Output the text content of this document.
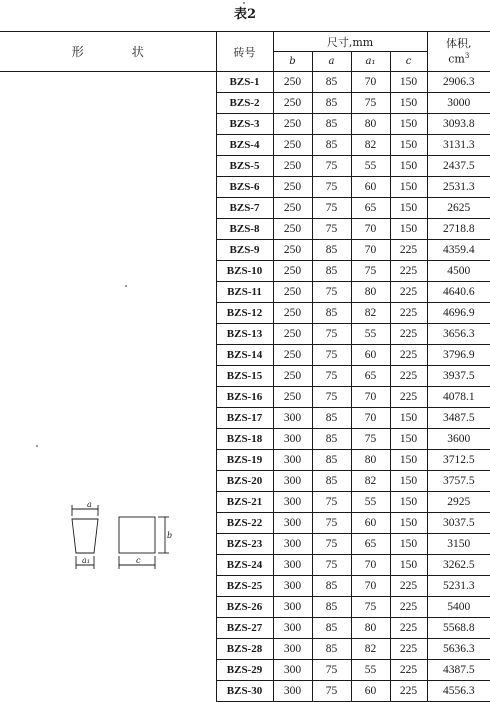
表2
形 状	砖号	尺寸,mm				体积,
$cm^3$
		b	a	a₁	c	
	BZS-1	250	85	70	150	2906.3
	BZS-2	250	85	75	150	3000
	BZS-3	250	85	80	150	3093.8
	BZS-4	250	85	82	150	3131.3
	BZS-5	250	75	55	150	2437.5
	BZS-6	250	75	60	150	2531.3
	BZS-7	250	75	65	150	2625
	BZS-8	250	75	70	150	2718.8
	BZS-9	250	85	70	225	4359.4
	BZS-10	250	85	75	225	4500
	BZS-11	250	75	80	225	4640.6
	BZS-12	250	85	82	225	4696.9
	BZS-13	250	75	55	225	3656.3
	BZS-14	250	75	60	225	3796.9
	BZS-15	250	75	65	225	3937.5
	BZS-16	250	75	70	225	4078.1
	BZS-17	300	85	70	150	3487.5
	BZS-18	300	85	75	150	3600
	BZS-19	300	85	80	150	3712.5
	BZS-20	300	85	82	150	3757.5
	BZS-21	300	75	55	150	2925
	BZS-22	300	75	60	150	3037.5
	BZS-23	300	75	65	150	3150
	BZS-24	300	75	70	150	3262.5
	BZS-25	300	85	70	225	5231.3
	BZS-26	300	85	75	225	5400
	BZS-27	300	85	80	225	5568.8
	BZS-28	300	85	82	225	5636.3
	BZS-29	300	75	55	225	4387.5
	BZS-30	300	75	60	225	4556.3
a
a₁
b
c
